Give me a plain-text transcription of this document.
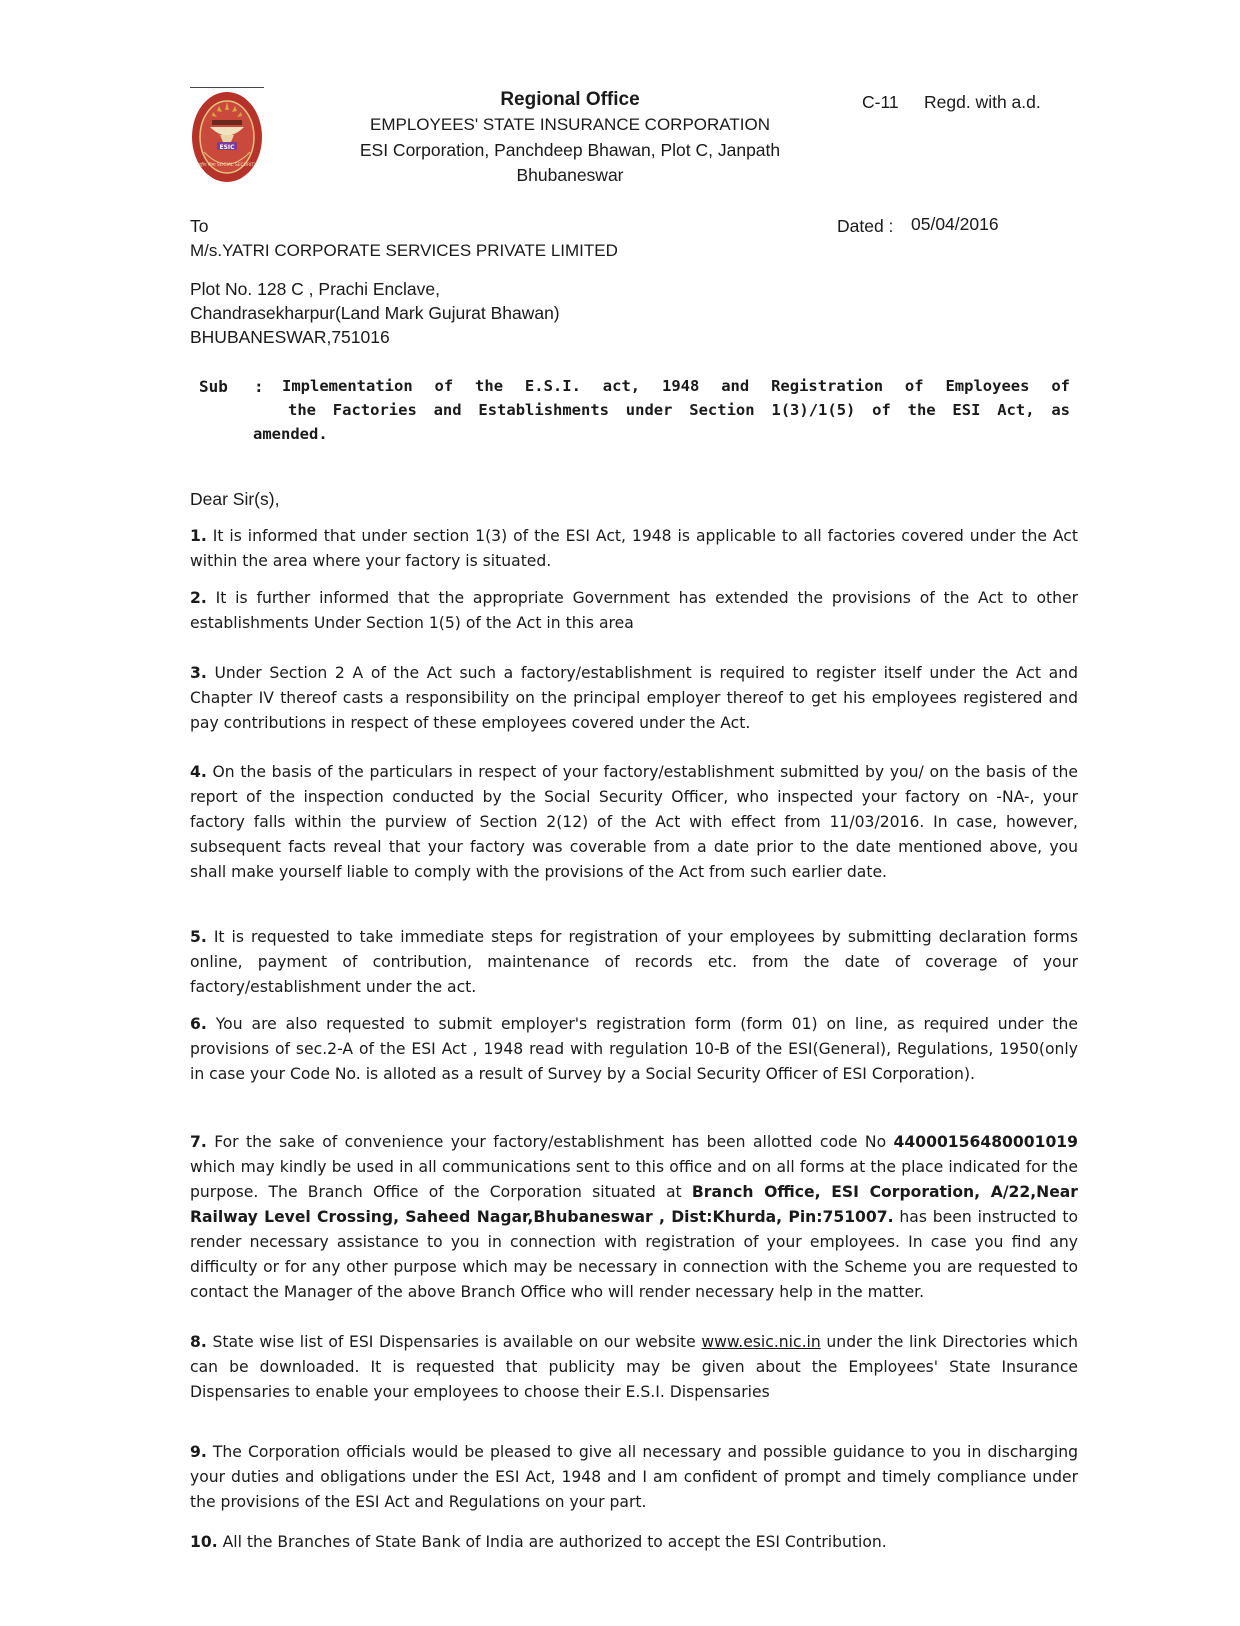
ESIC
राष्ट्रीय बीमा SOCIAL SECURITY
Regional Office
EMPLOYEES' STATE INSURANCE CORPORATION
ESI Corporation, Panchdeep Bhawan, Plot C, Janpath
Bhubaneswar
C-11 Regd. with a.d.
To	Dated : 05/04/2016
M/s.YATRI CORPORATE SERVICES PRIVATE LIMITED
Plot No. 128 C , Prachi Enclave,
Chandrasekharpur(Land Mark Gujurat Bhawan)
BHUBANESWAR,751016
Sub : Implementation of the E.S.I. act, 1948 and Registration of Employees of
the Factories and Establishments under Section 1(3)/1(5) of the ESI Act, as
amended.
Dear Sir(s),
1. It is informed that under section 1(3) of the ESI Act, 1948 is applicable to all factories covered under the Act within the area where your factory is situated.
2. It is further informed that the appropriate Government has extended the provisions of the Act to other establishments Under Section 1(5) of the Act in this area
3. Under Section 2 A of the Act such a factory/establishment is required to register itself under the Act and Chapter IV thereof casts a responsibility on the principal employer thereof to get his employees registered and pay contributions in respect of these employees covered under the Act.
4. On the basis of the particulars in respect of your factory/establishment submitted by you/ on the basis of the report of the inspection conducted by the Social Security Officer, who inspected your factory on -NA-, your factory falls within the purview of Section 2(12) of the Act with effect from 11/03/2016. In case, however, subsequent facts reveal that your factory was coverable from a date prior to the date mentioned above, you shall make yourself liable to comply with the provisions of the Act from such earlier date.
5. It is requested to take immediate steps for registration of your employees by submitting declaration forms online, payment of contribution, maintenance of records etc. from the date of coverage of your factory/establishment under the act.
6. You are also requested to submit employer's registration form (form 01) on line, as required under the provisions of sec.2-A of the ESI Act , 1948 read with regulation 10-B of the ESI(General), Regulations, 1950(only in case your Code No. is alloted as a result of Survey by a Social Security Officer of ESI Corporation).
7. For the sake of convenience your factory/establishment has been allotted code No 44000156480001019 which may kindly be used in all communications sent to this office and on all forms at the place indicated for the purpose. The Branch Office of the Corporation situated at Branch Office, ESI Corporation, A/22,Near Railway Level Crossing, Saheed Nagar,Bhubaneswar , Dist:Khurda, Pin:751007. has been instructed to render necessary assistance to you in connection with registration of your employees. In case you find any difficulty or for any other purpose which may be necessary in connection with the Scheme you are requested to contact the Manager of the above Branch Office who will render necessary help in the matter.
8. State wise list of ESI Dispensaries is available on our website www.esic.nic.in under the link Directories which can be downloaded. It is requested that publicity may be given about the Employees' State Insurance Dispensaries to enable your employees to choose their E.S.I. Dispensaries
9. The Corporation officials would be pleased to give all necessary and possible guidance to you in discharging your duties and obligations under the ESI Act, 1948 and I am confident of prompt and timely compliance under the provisions of the ESI Act and Regulations on your part.
10. All the Branches of State Bank of India are authorized to accept the ESI Contribution.
